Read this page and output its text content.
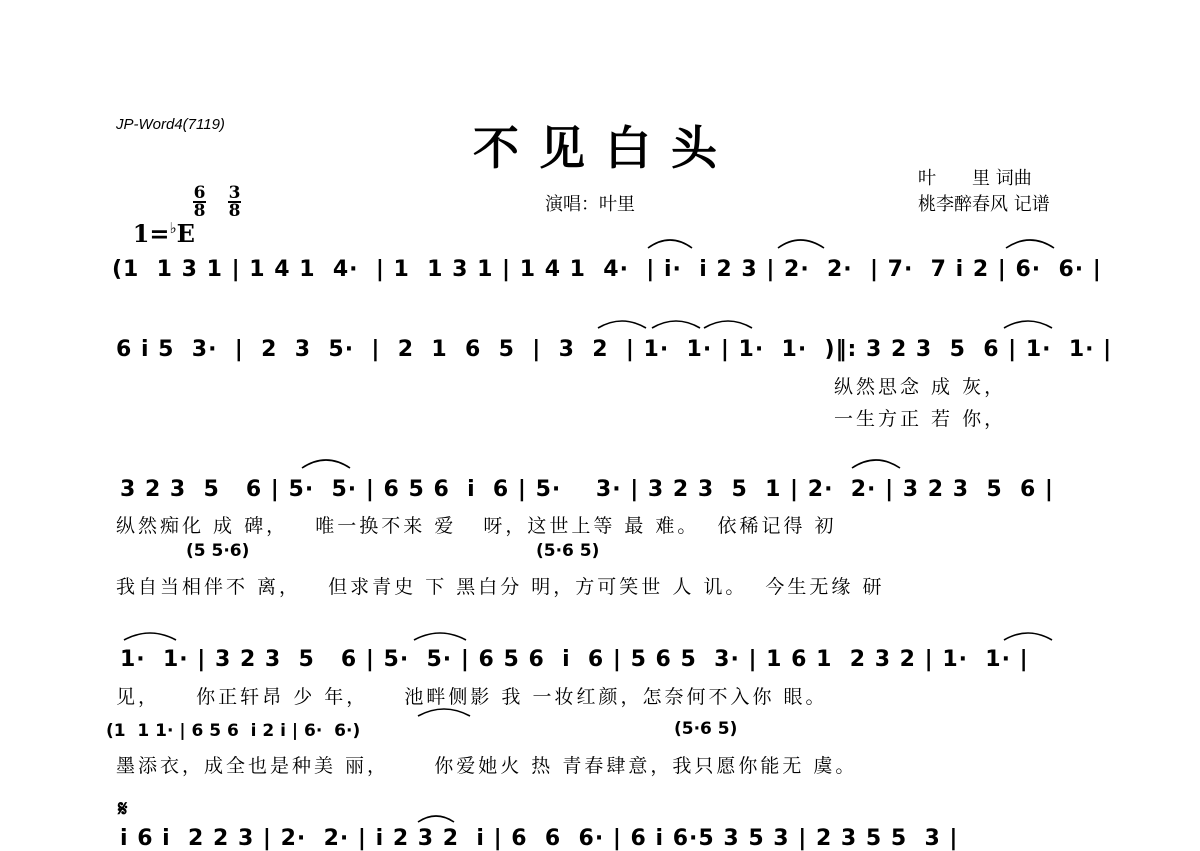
JP-Word4(7119)	不见白头
叶　　里 词曲
桃李醉春风 记谱
演唱：叶里

1=♭E

6
8
3
8
(1  1 3 1 | 1 4 1  4·  | 1  1 3 1 | 1 4 1  4·  | i·  i 2 3 | 2·  2·  | 7·  7 i 2 | 6·  6· |
6 i 5  3·  |  2  3  5·  |  2  1  6  5  |  3  2  | 1·  1· | 1·  1·  )‖: 3 2 3  5  6 | 1·  1· |
纵然思念 成 灰，
一生方正 若 你，
3 2 3  5   6 | 5·  5· | 6 5 6  i  6 | 5·    3· | 3 2 3  5  1 | 2·  2· | 3 2 3  5  6 |
纵然痴化 成 碑，   唯一换不来 爱   呀，这世上等 最 难。  依稀记得 初
(5 5·6)	(5·6 5)
我自当相伴不 离，   但求青史 下 黑白分 明，方可笑世 人 讥。  今生无缘 研
1·  1· | 3 2 3  5   6 | 5·  5· | 6 5 6  i  6 | 5 6 5  3· | 1 6 1  2 3 2 | 1·  1· |
见，    你正轩昂 少 年，    池畔侧影 我 一妆红颜，怎奈何不入你 眼。
(1  1 1· | 6 5 6  i 2 i | 6·  6·)	(5·6 5)
墨添衣，成全也是种美 丽，     你爱她火 热 青春肆意，我只愿你能无 虞。
𝄋
i 6 i  2 2 3 | 2·  2· | i 2 3 2  i | 6  6  6· | 6 i 6·5 3 5 3 | 2 3 5 5  3 |
